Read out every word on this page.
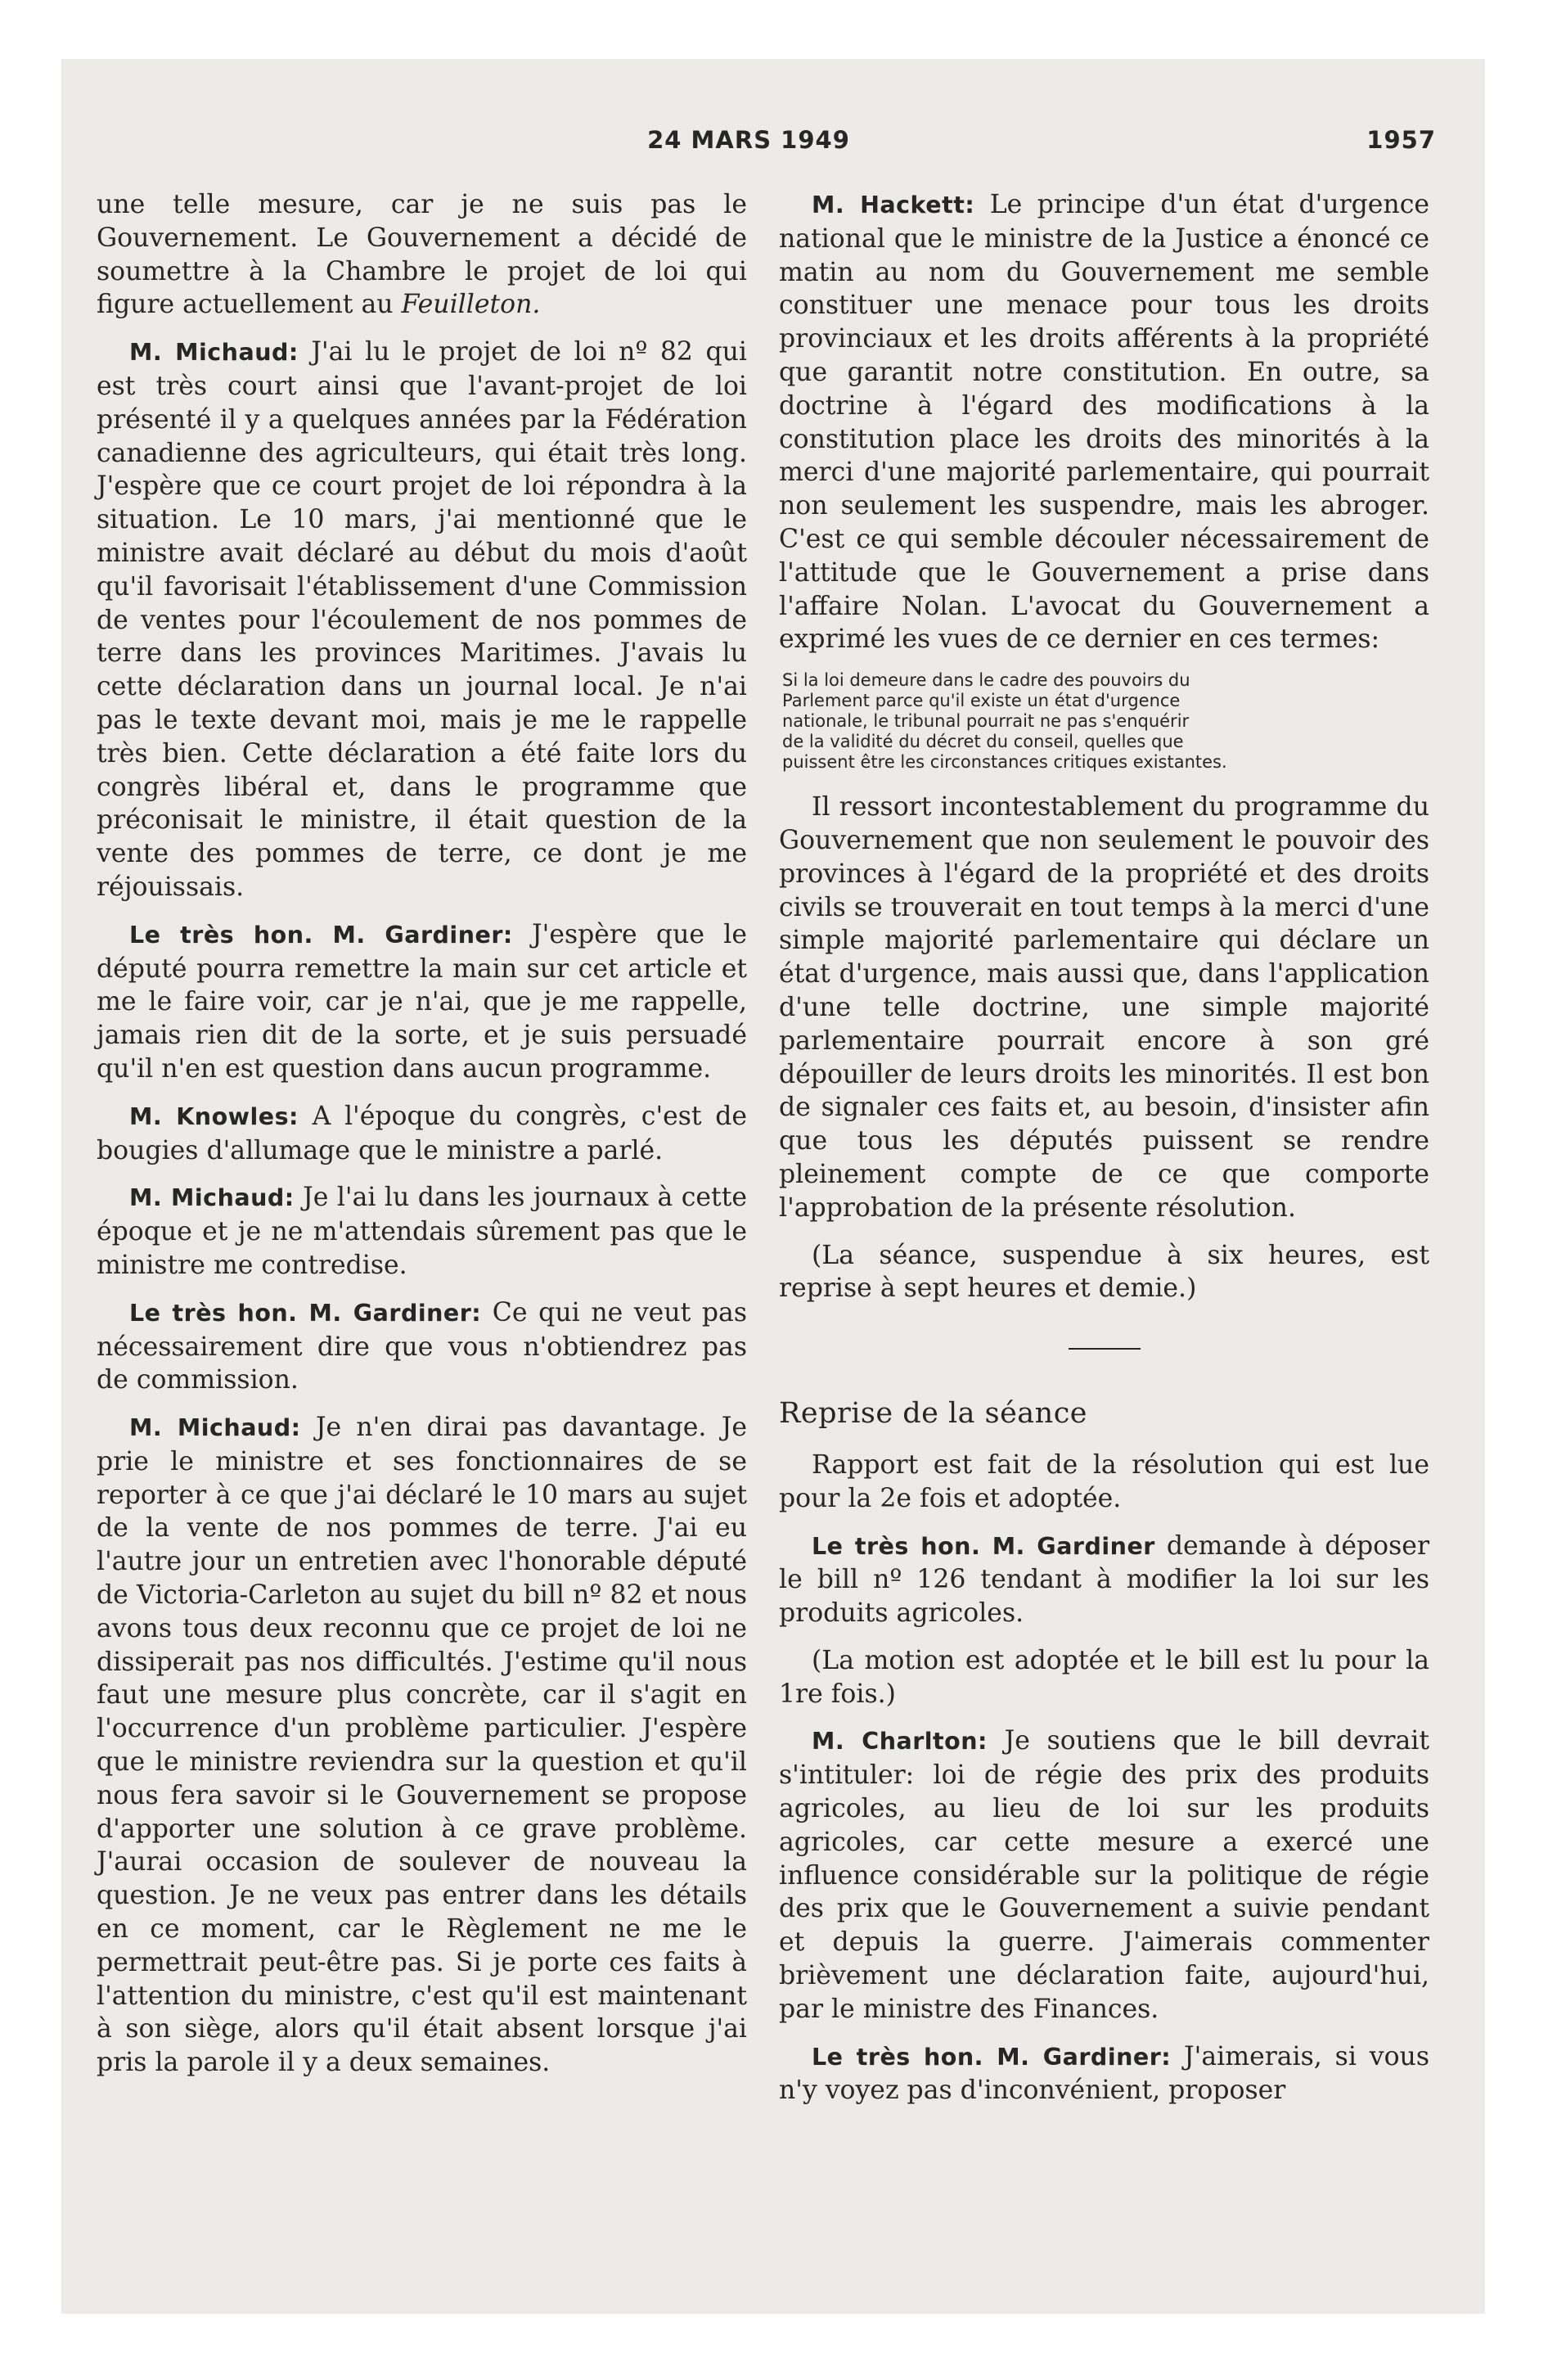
24 MARS 1949	1957

une telle mesure, car je ne suis pas le Gouvernement. Le Gouvernement a décidé de soumettre à la Chambre le projet de loi qui figure actuellement au Feuilleton.

M. Michaud: J'ai lu le projet de loi nº 82 qui est très court ainsi que l'avant-projet de loi présenté il y a quelques années par la Fédération canadienne des agriculteurs, qui était très long. J'espère que ce court projet de loi répondra à la situation. Le 10 mars, j'ai mentionné que le ministre avait déclaré au début du mois d'août qu'il favorisait l'établissement d'une Commission de ventes pour l'écoulement de nos pommes de terre dans les provinces Maritimes. J'avais lu cette déclaration dans un journal local. Je n'ai pas le texte devant moi, mais je me le rappelle très bien. Cette déclaration a été faite lors du congrès libéral et, dans le programme que préconisait le ministre, il était question de la vente des pommes de terre, ce dont je me réjouissais.

Le très hon. M. Gardiner: J'espère que le député pourra remettre la main sur cet article et me le faire voir, car je n'ai, que je me rappelle, jamais rien dit de la sorte, et je suis persuadé qu'il n'en est question dans aucun programme.

M. Knowles: A l'époque du congrès, c'est de bougies d'allumage que le ministre a parlé.

M. Michaud: Je l'ai lu dans les journaux à cette époque et je ne m'attendais sûrement pas que le ministre me contredise.

Le très hon. M. Gardiner: Ce qui ne veut pas nécessairement dire que vous n'obtiendrez pas de commission.

M. Michaud: Je n'en dirai pas davantage. Je prie le ministre et ses fonctionnaires de se reporter à ce que j'ai déclaré le 10 mars au sujet de la vente de nos pommes de terre. J'ai eu l'autre jour un entretien avec l'honorable député de Victoria-Carleton au sujet du bill nº 82 et nous avons tous deux reconnu que ce projet de loi ne dissiperait pas nos difficultés. J'estime qu'il nous faut une mesure plus concrète, car il s'agit en l'occurrence d'un problème particulier. J'espère que le ministre reviendra sur la question et qu'il nous fera savoir si le Gouvernement se propose d'apporter une solution à ce grave problème. J'aurai occasion de soulever de nouveau la question. Je ne veux pas entrer dans les détails en ce moment, car le Règlement ne me le permettrait peut-être pas. Si je porte ces faits à l'attention du ministre, c'est qu'il est maintenant à son siège, alors qu'il était absent lorsque j'ai pris la parole il y a deux semaines.

M. Hackett: Le principe d'un état d'urgence national que le ministre de la Justice a énoncé ce matin au nom du Gouvernement me semble constituer une menace pour tous les droits provinciaux et les droits afférents à la propriété que garantit notre constitution. En outre, sa doctrine à l'égard des modifications à la constitution place les droits des minorités à la merci d'une majorité parlementaire, qui pourrait non seulement les suspendre, mais les abroger. C'est ce qui semble découler nécessairement de l'attitude que le Gouvernement a prise dans l'affaire Nolan. L'avocat du Gouvernement a exprimé les vues de ce dernier en ces termes:

Si la loi demeure dans le cadre des pouvoirs du
Parlement parce qu'il existe un état d'urgence
nationale, le tribunal pourrait ne pas s'enquérir
de la validité du décret du conseil, quelles que
puissent être les circonstances critiques existantes.

Il ressort incontestablement du programme du Gouvernement que non seulement le pouvoir des provinces à l'égard de la propriété et des droits civils se trouverait en tout temps à la merci d'une simple majorité parlementaire qui déclare un état d'urgence, mais aussi que, dans l'application d'une telle doctrine, une simple majorité parlementaire pourrait encore à son gré dépouiller de leurs droits les minorités. Il est bon de signaler ces faits et, au besoin, d'insister afin que tous les députés puissent se rendre pleinement compte de ce que comporte l'approbation de la présente résolution.

(La séance, suspendue à six heures, est reprise à sept heures et demie.)

Reprise de la séance

Rapport est fait de la résolution qui est lue pour la 2e fois et adoptée.

Le très hon. M. Gardiner demande à déposer le bill nº 126 tendant à modifier la loi sur les produits agricoles.

(La motion est adoptée et le bill est lu pour la 1re fois.)

M. Charlton: Je soutiens que le bill devrait s'intituler: loi de régie des prix des produits agricoles, au lieu de loi sur les produits agricoles, car cette mesure a exercé une influence considérable sur la politique de régie des prix que le Gouvernement a suivie pendant et depuis la guerre. J'aimerais commenter brièvement une déclaration faite, aujourd'hui, par le ministre des Finances.

Le très hon. M. Gardiner: J'aimerais, si vous n'y voyez pas d'inconvénient, proposer
